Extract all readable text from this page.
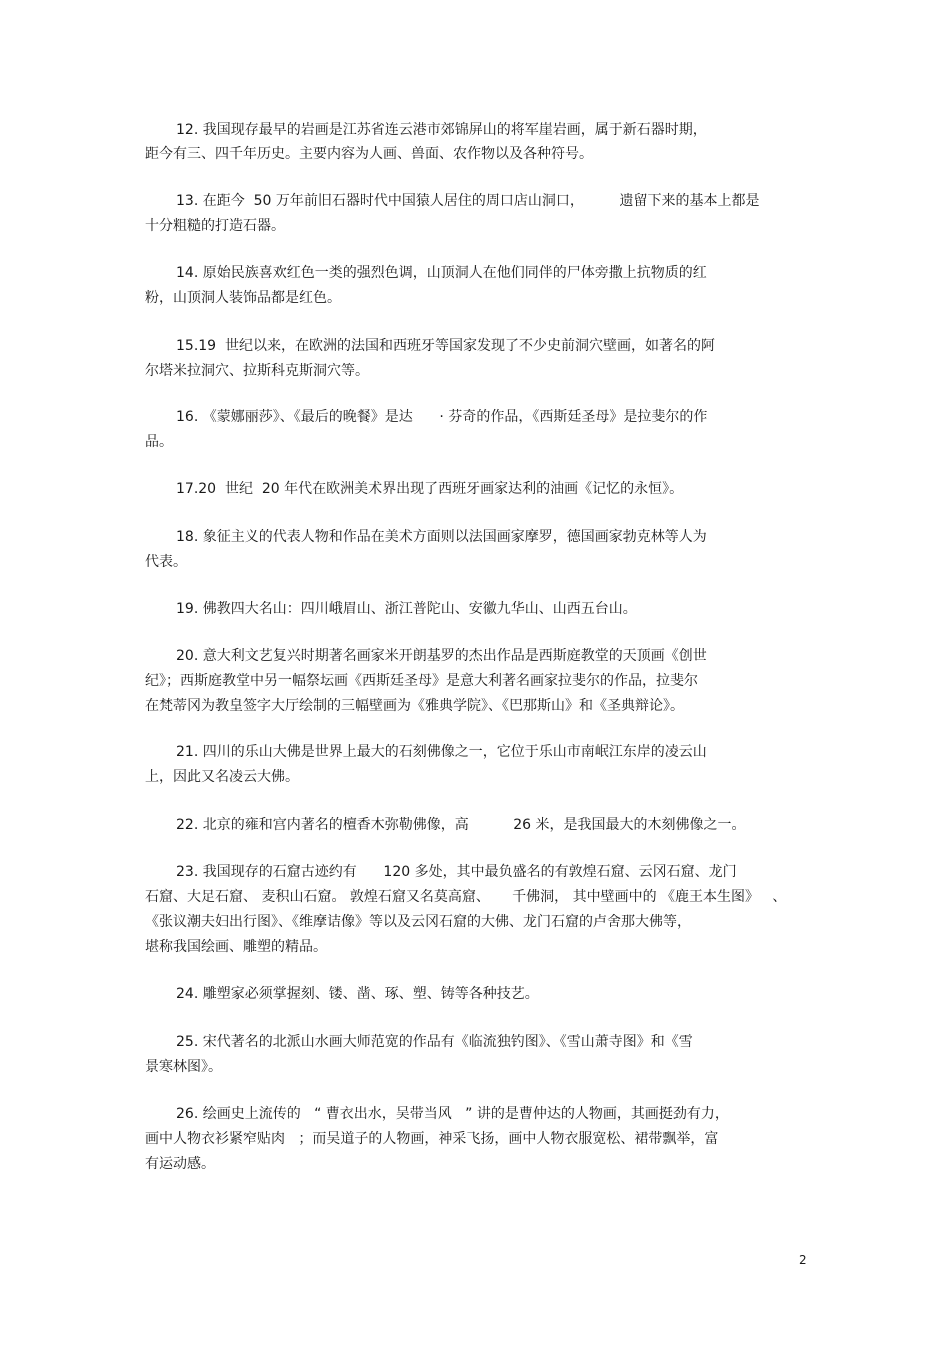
12. 我国现存最早的岩画是江苏省连云港市郊锦屏山的将军崖岩画，属于新石器时期，
距今有三、四千年历史。主要内容为人画、兽面、农作物以及各种符号。
13. 在距今  50 万年前旧石器时代中国猿人居住的周口店山洞口，        遗留下来的基本上都是
十分粗糙的打造石器。
14. 原始民族喜欢红色一类的强烈色调，山顶洞人在他们同伴的尸体旁撒上抗物质的红
粉，山顶洞人装饰品都是红色。
15.19  世纪以来，在欧洲的法国和西班牙等国家发现了不少史前洞穴壁画，如著名的阿
尔塔米拉洞穴、拉斯科克斯洞穴等。
16. 《蒙娜丽莎》、《最后的晚餐》是达      · 芬奇的作品，《西斯廷圣母》是拉斐尔的作
品。
17.20  世纪  20 年代在欧洲美术界出现了西班牙画家达利的油画《记忆的永恒》。
18. 象征主义的代表人物和作品在美术方面则以法国画家摩罗，德国画家勃克林等人为
代表。
19. 佛教四大名山：四川峨眉山、浙江普陀山、安徽九华山、山西五台山。
20. 意大利文艺复兴时期著名画家米开朗基罗的杰出作品是西斯庭教堂的天顶画《创世
纪》；西斯庭教堂中另一幅祭坛画《西斯廷圣母》是意大利著名画家拉斐尔的作品，拉斐尔
在梵蒂冈为教皇签字大厅绘制的三幅壁画为《雅典学院》、《巴那斯山》和《圣典辩论》。
21. 四川的乐山大佛是世界上最大的石刻佛像之一，它位于乐山市南岷江东岸的凌云山
上，因此又名凌云大佛。
22. 北京的雍和宫内著名的檀香木弥勒佛像，高          26 米，是我国最大的木刻佛像之一。
23. 我国现存的石窟古迹约有      120 多处，其中最负盛名的有敦煌石窟、云冈石窟、龙门
石窟、大足石窟、 麦积山石窟。 敦煌石窟又名莫高窟、     千佛洞， 其中壁画中的 《鹿王本生图》   、
《张议潮夫妇出行图》、《维摩诘像》等以及云冈石窟的大佛、龙门石窟的卢舍那大佛等，
堪称我国绘画、雕塑的精品。
24. 雕塑家必须掌握刻、镂、凿、琢、塑、铸等各种技艺。
25. 宋代著名的北派山水画大师范宽的作品有《临流独钓图》、《雪山萧寺图》和《雪
景寒林图》。
26. 绘画史上流传的   “ 曹衣出水，吴带当风   ” 讲的是曹仲达的人物画，其画挺劲有力，
画中人物衣衫紧窄贴肉   ；而吴道子的人物画，神采飞扬，画中人物衣服宽松、裙带飘举，富
有运动感。
2
